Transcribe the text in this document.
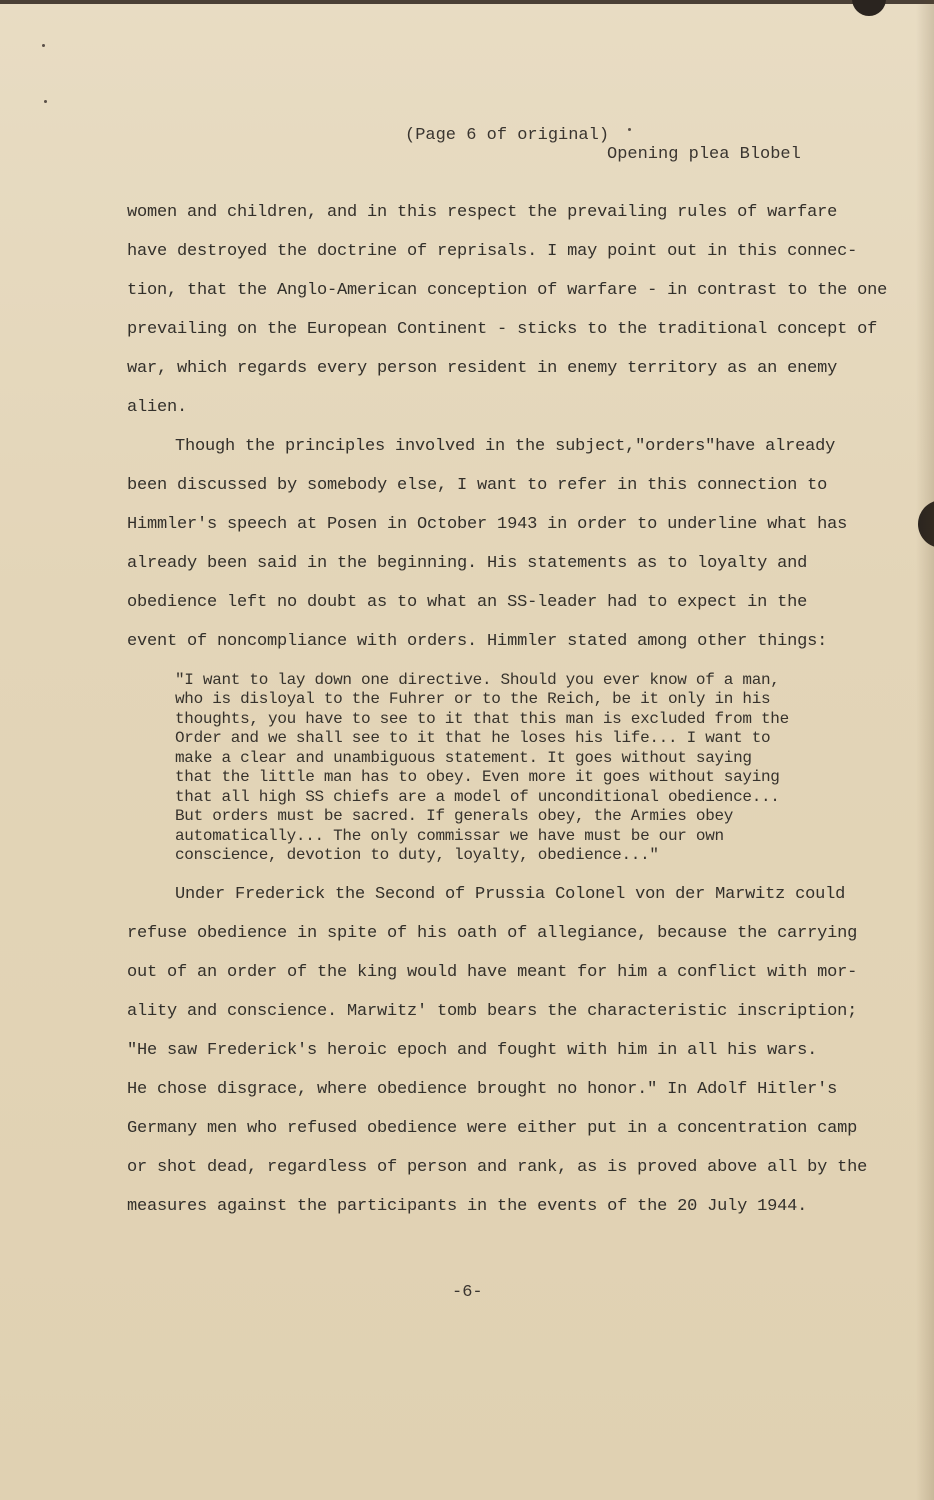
(Page 6 of original)
Opening plea Blobel
women and children, and in this respect the prevailing rules of warfare
have destroyed the doctrine of reprisals. I may point out in this connec-
tion, that the Anglo-American conception of warfare - in contrast to the one
prevailing on the European Continent - sticks to the traditional concept of
war, which regards every person resident in enemy territory as an enemy
alien.
Though the principles involved in the subject,"orders"have already
been discussed by somebody else, I want to refer in this connection to
Himmler's speech at Posen in October 1943 in order to underline what has
already been said in the beginning. His statements as to loyalty and
obedience left no doubt as to what an SS-leader had to expect in the
event of noncompliance with orders. Himmler stated among other things:
"I want to lay down one directive. Should you ever know of a man,
who is disloyal to the Fuhrer or to the Reich, be it only in his
thoughts, you have to see to it that this man is excluded from the
Order and we shall see to it that he loses his life... I want to
make a clear and unambiguous statement. It goes without saying
that the little man has to obey. Even more it goes without saying
that all high SS chiefs are a model of unconditional obedience...
But orders must be sacred. If generals obey, the Armies obey
automatically... The only commissar we have must be our own
conscience, devotion to duty, loyalty, obedience..."
Under Frederick the Second of Prussia Colonel von der Marwitz could
refuse obedience in spite of his oath of allegiance, because the carrying
out of an order of the king would have meant for him a conflict with mor-
ality and conscience. Marwitz' tomb bears the characteristic inscription;
"He saw Frederick's heroic epoch and fought with him in all his wars.
He chose disgrace, where obedience brought no honor." In Adolf Hitler's
Germany men who refused obedience were either put in a concentration camp
or shot dead, regardless of person and rank, as is proved above all by the
measures against the participants in the events of the 20 July 1944.
-6-
